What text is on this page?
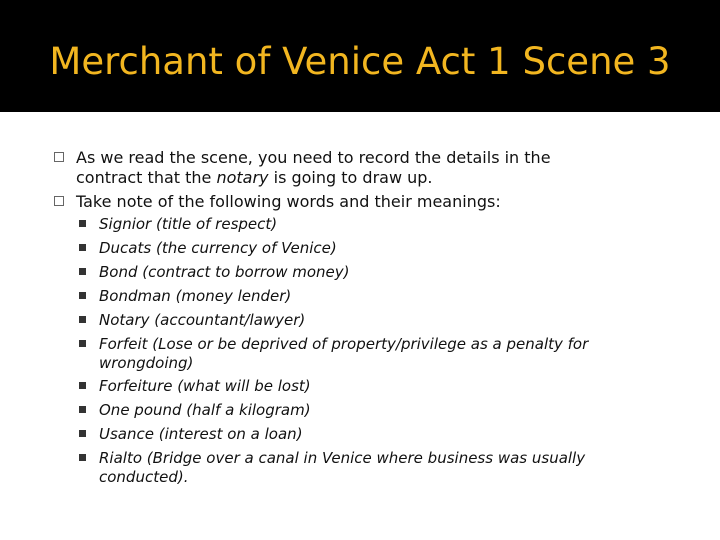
Merchant of Venice Act 1 Scene 3
As we read the scene, you need to record the details in the contract that the notary is going to draw up.
Take note of the following words and their meanings:
Signior (title of respect)
Ducats (the currency of Venice)
Bond (contract to borrow money)
Bondman (money lender)
Notary (accountant/lawyer)
Forfeit (Lose or be deprived of property/privilege as a penalty for wrongdoing)
Forfeiture (what will be lost)
One pound (half a kilogram)
Usance (interest on a loan)
Rialto (Bridge over a canal in Venice where business was usually conducted).
